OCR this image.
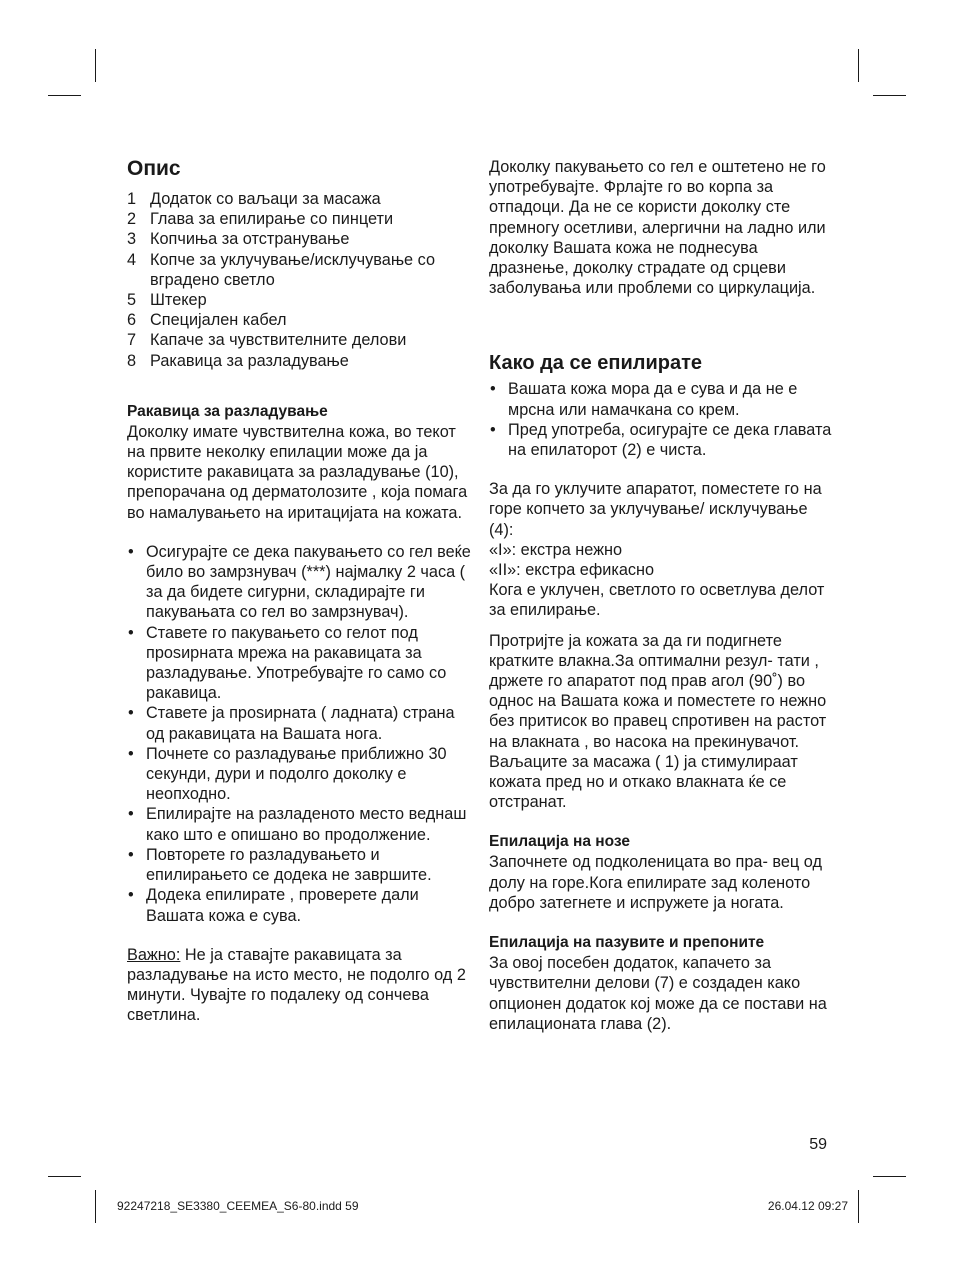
Опис
1 Додаток со ваљаци за масажа
2 Глава за епилирање со пинцети
3 Копчиња за отстранување
4 Копче за уклучување/исклучување со вградено светло
5 Штекер
6 Специјален кабел
7 Капаче за чувствителните делови
8 Ракавица за разладување
Ракавица за разладување

Доколку имате чувствителна кожа, во текот на првите неколку епилации може да ја користите ракавицата за разладување (10), препорачана од дерматолозите , која помага во намалувањето на иритацијата на кожата.

• Осигурајте се дека пакувањето со гел веќе било во замрзнувач (***) најмалку 2 часа ( за да бидете сигурни, складирајте ги пакувањата со гел во замрзнувач).
• Ставете го пакувањето со гелот под проѕирната мрежа на ракавицата за разладување. Употребувајте го само со ракавица.
• Ставете ја проѕирната ( ладната) страна од ракавицата на Вашата нога.
• Почнете со разладување приближно 30 секунди, дури и подолго доколку е неопходно.
• Епилирајте на разладеното место веднаш како што е опишано во продолжение.
• Повторете го разладувањето и епилирањето се додека не завршите.
• Додека епилирате , проверете дали Вашата кожа е сува.

Важно: Не ја ставајте ракавицата за разладување на исто место, не подолго од 2 минути. Чувајте го подалеку од сончева светлина.

Доколку пакувањето со гел е оштетено не го употребувајте. Фрлајте го во корпа за отпадоци. Да не се користи доколку сте премногу осетливи, алергични на ладно или доколку Вашата кожа не поднесува дразнење, доколку страдате од срцеви заболувања или проблеми со циркулација.

Како да се епилирате
• Вашата кожа мора да е сува и да не е мрсна или намачкана со крем.
• Пред употреба, осигурајте се дека главата на епилаторот (2) е чиста.

За да го уклучите апаратот, поместете го на горе копчето за уклучување/ исклучување (4):

«I»: екстра нежно

«II»: екстра ефикасно

Кога е уклучен, светлото го осветлува делот за епилирање.

Протријте ја кожата за да ги подигнете кратките влакна.За оптимални резул- тати , држете го апаратот под прав агол (90˚) во однос на Вашата кожа и поместете го нежно без притисок во правец спротивен на растот на влакната , во насока на прекинувачот. Ваљаците за масажа ( 1) ја стимулираат кожата пред но и откако влакната ќе се отстранат.

Епилација на нозе

Започнете од подколеницата во пра- вец од долу на горе.Кога епилирате зад коленото добро затегнете и испружете ја ногата.

Епилација на пазувите и препоните

За овој посебен додаток, капачето за чувствителни делови (7) е создаден како опционен додаток кој може да се постави на епилационата глава (2).

59
92247218_SE3380_CEEMEA_S6-80.indd 59	26.04.12 09:27
